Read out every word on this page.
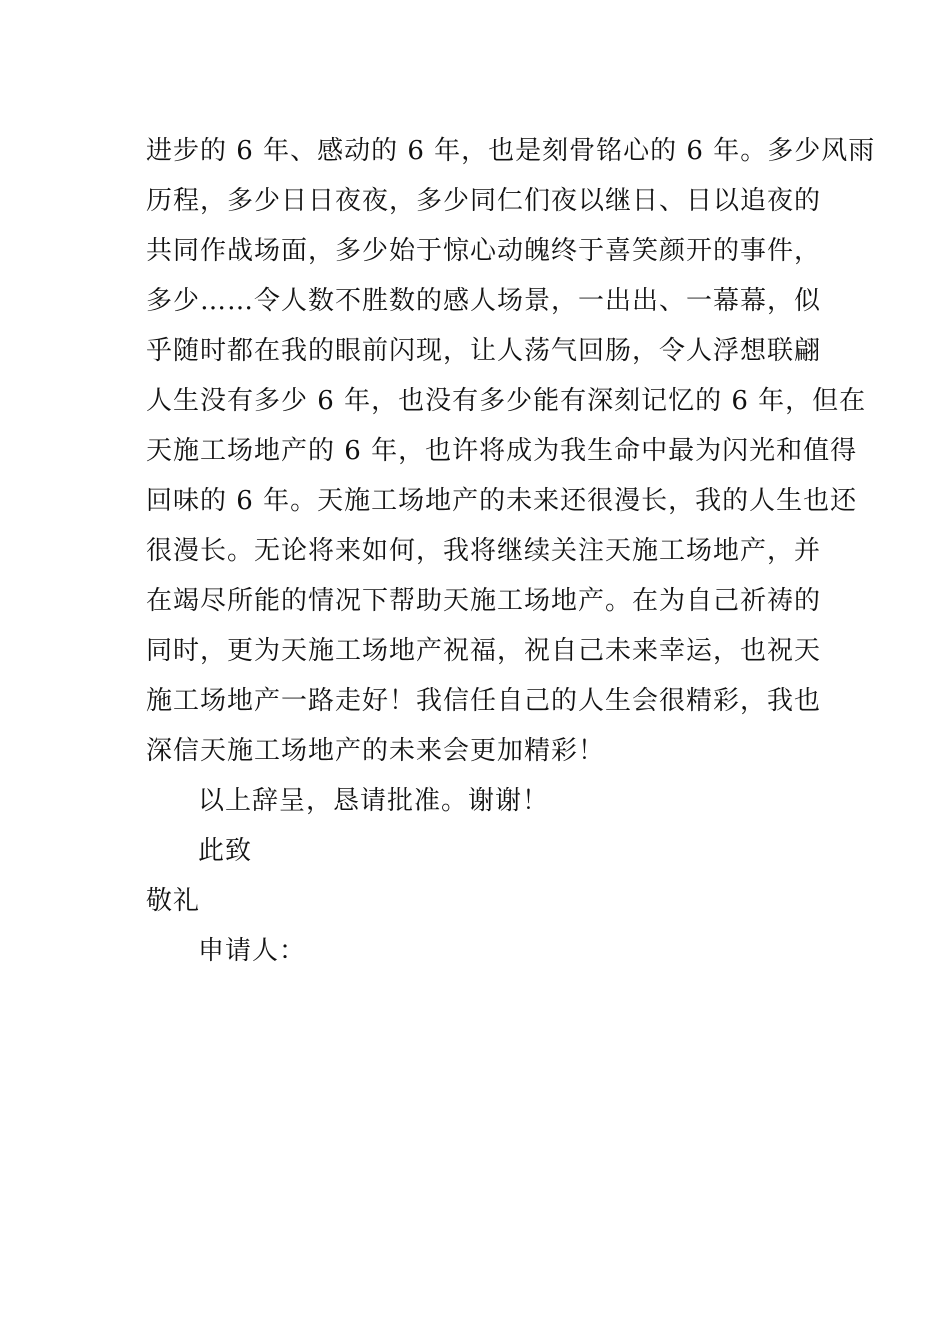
进步的 6 年、感动的 6 年，也是刻骨铭心的 6 年。多少风雨
历程，多少日日夜夜，多少同仁们夜以继日、日以追夜的
共同作战场面，多少始于惊心动魄终于喜笑颜开的事件，
多少……令人数不胜数的感人场景，一出出、一幕幕，似
乎随时都在我的眼前闪现，让人荡气回肠，令人浮想联翩
人生没有多少 6 年，也没有多少能有深刻记忆的 6 年，但在
天施工场地产的 6 年，也许将成为我生命中最为闪光和值得
回味的 6 年。天施工场地产的未来还很漫长，我的人生也还
很漫长。无论将来如何，我将继续关注天施工场地产，并
在竭尽所能的情况下帮助天施工场地产。在为自己祈祷的
同时，更为天施工场地产祝福，祝自己未来幸运，也祝天
施工场地产一路走好！我信任自己的人生会很精彩，我也
深信天施工场地产的未来会更加精彩！
以上辞呈，恳请批准。谢谢！
此致
敬礼
申请人：
